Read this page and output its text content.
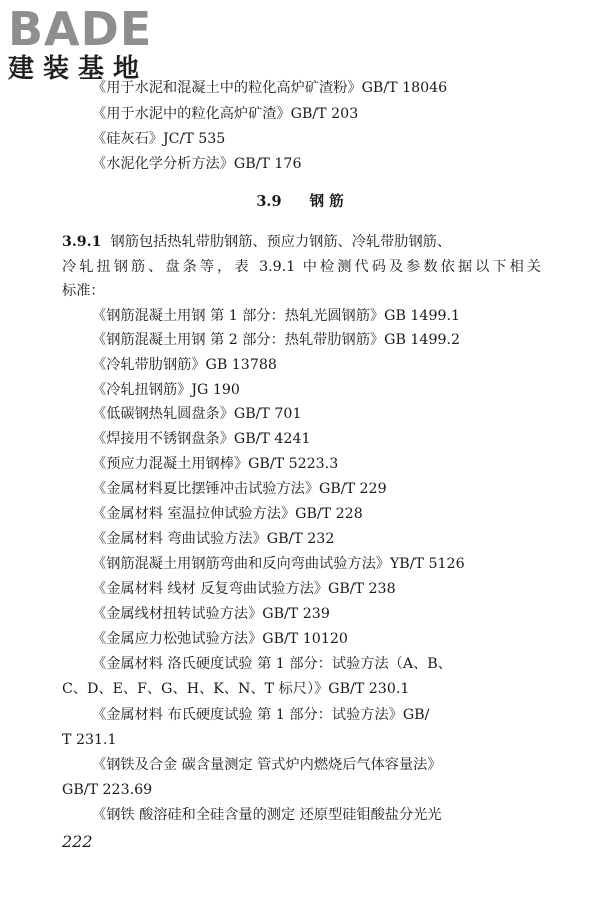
BADE
建装基地
《用于水泥和混凝土中的粒化高炉矿渣粉》GB/T 18046
《用于水泥中的粒化高炉矿渣》GB/T 203
《硅灰石》JC/T 535
《水泥化学分析方法》GB/T 176
3.9 钢 筋
3.9.1 钢筋包括热轧带肋钢筋、预应力钢筋、冷轧带肋钢筋、
冷轧扭钢筋、盘条等，表 3.9.1 中检测代码及参数依据以下相关
标准：
《钢筋混凝土用钢 第 1 部分：热轧光圆钢筋》GB 1499.1
《钢筋混凝土用钢 第 2 部分：热轧带肋钢筋》GB 1499.2
《冷轧带肋钢筋》GB 13788
《冷轧扭钢筋》JG 190
《低碳钢热轧圆盘条》GB/T 701
《焊接用不锈钢盘条》GB/T 4241
《预应力混凝土用钢棒》GB/T 5223.3
《金属材料夏比摆锤冲击试验方法》GB/T 229
《金属材料 室温拉伸试验方法》GB/T 228
《金属材料 弯曲试验方法》GB/T 232
《钢筋混凝土用钢筋弯曲和反向弯曲试验方法》YB/T 5126
《金属材料 线材 反复弯曲试验方法》GB/T 238
《金属线材扭转试验方法》GB/T 239
《金属应力松弛试验方法》GB/T 10120
《金属材料 洛氏硬度试验 第 1 部分：试验方法（A、B、
C、D、E、F、G、H、K、N、T 标尺）》GB/T 230.1
《金属材料 布氏硬度试验 第 1 部分：试验方法》GB/
T 231.1
《钢铁及合金 碳含量测定 管式炉内燃烧后气体容量法》
GB/T 223.69
《钢铁 酸溶硅和全硅含量的测定 还原型硅钼酸盐分光光
222
